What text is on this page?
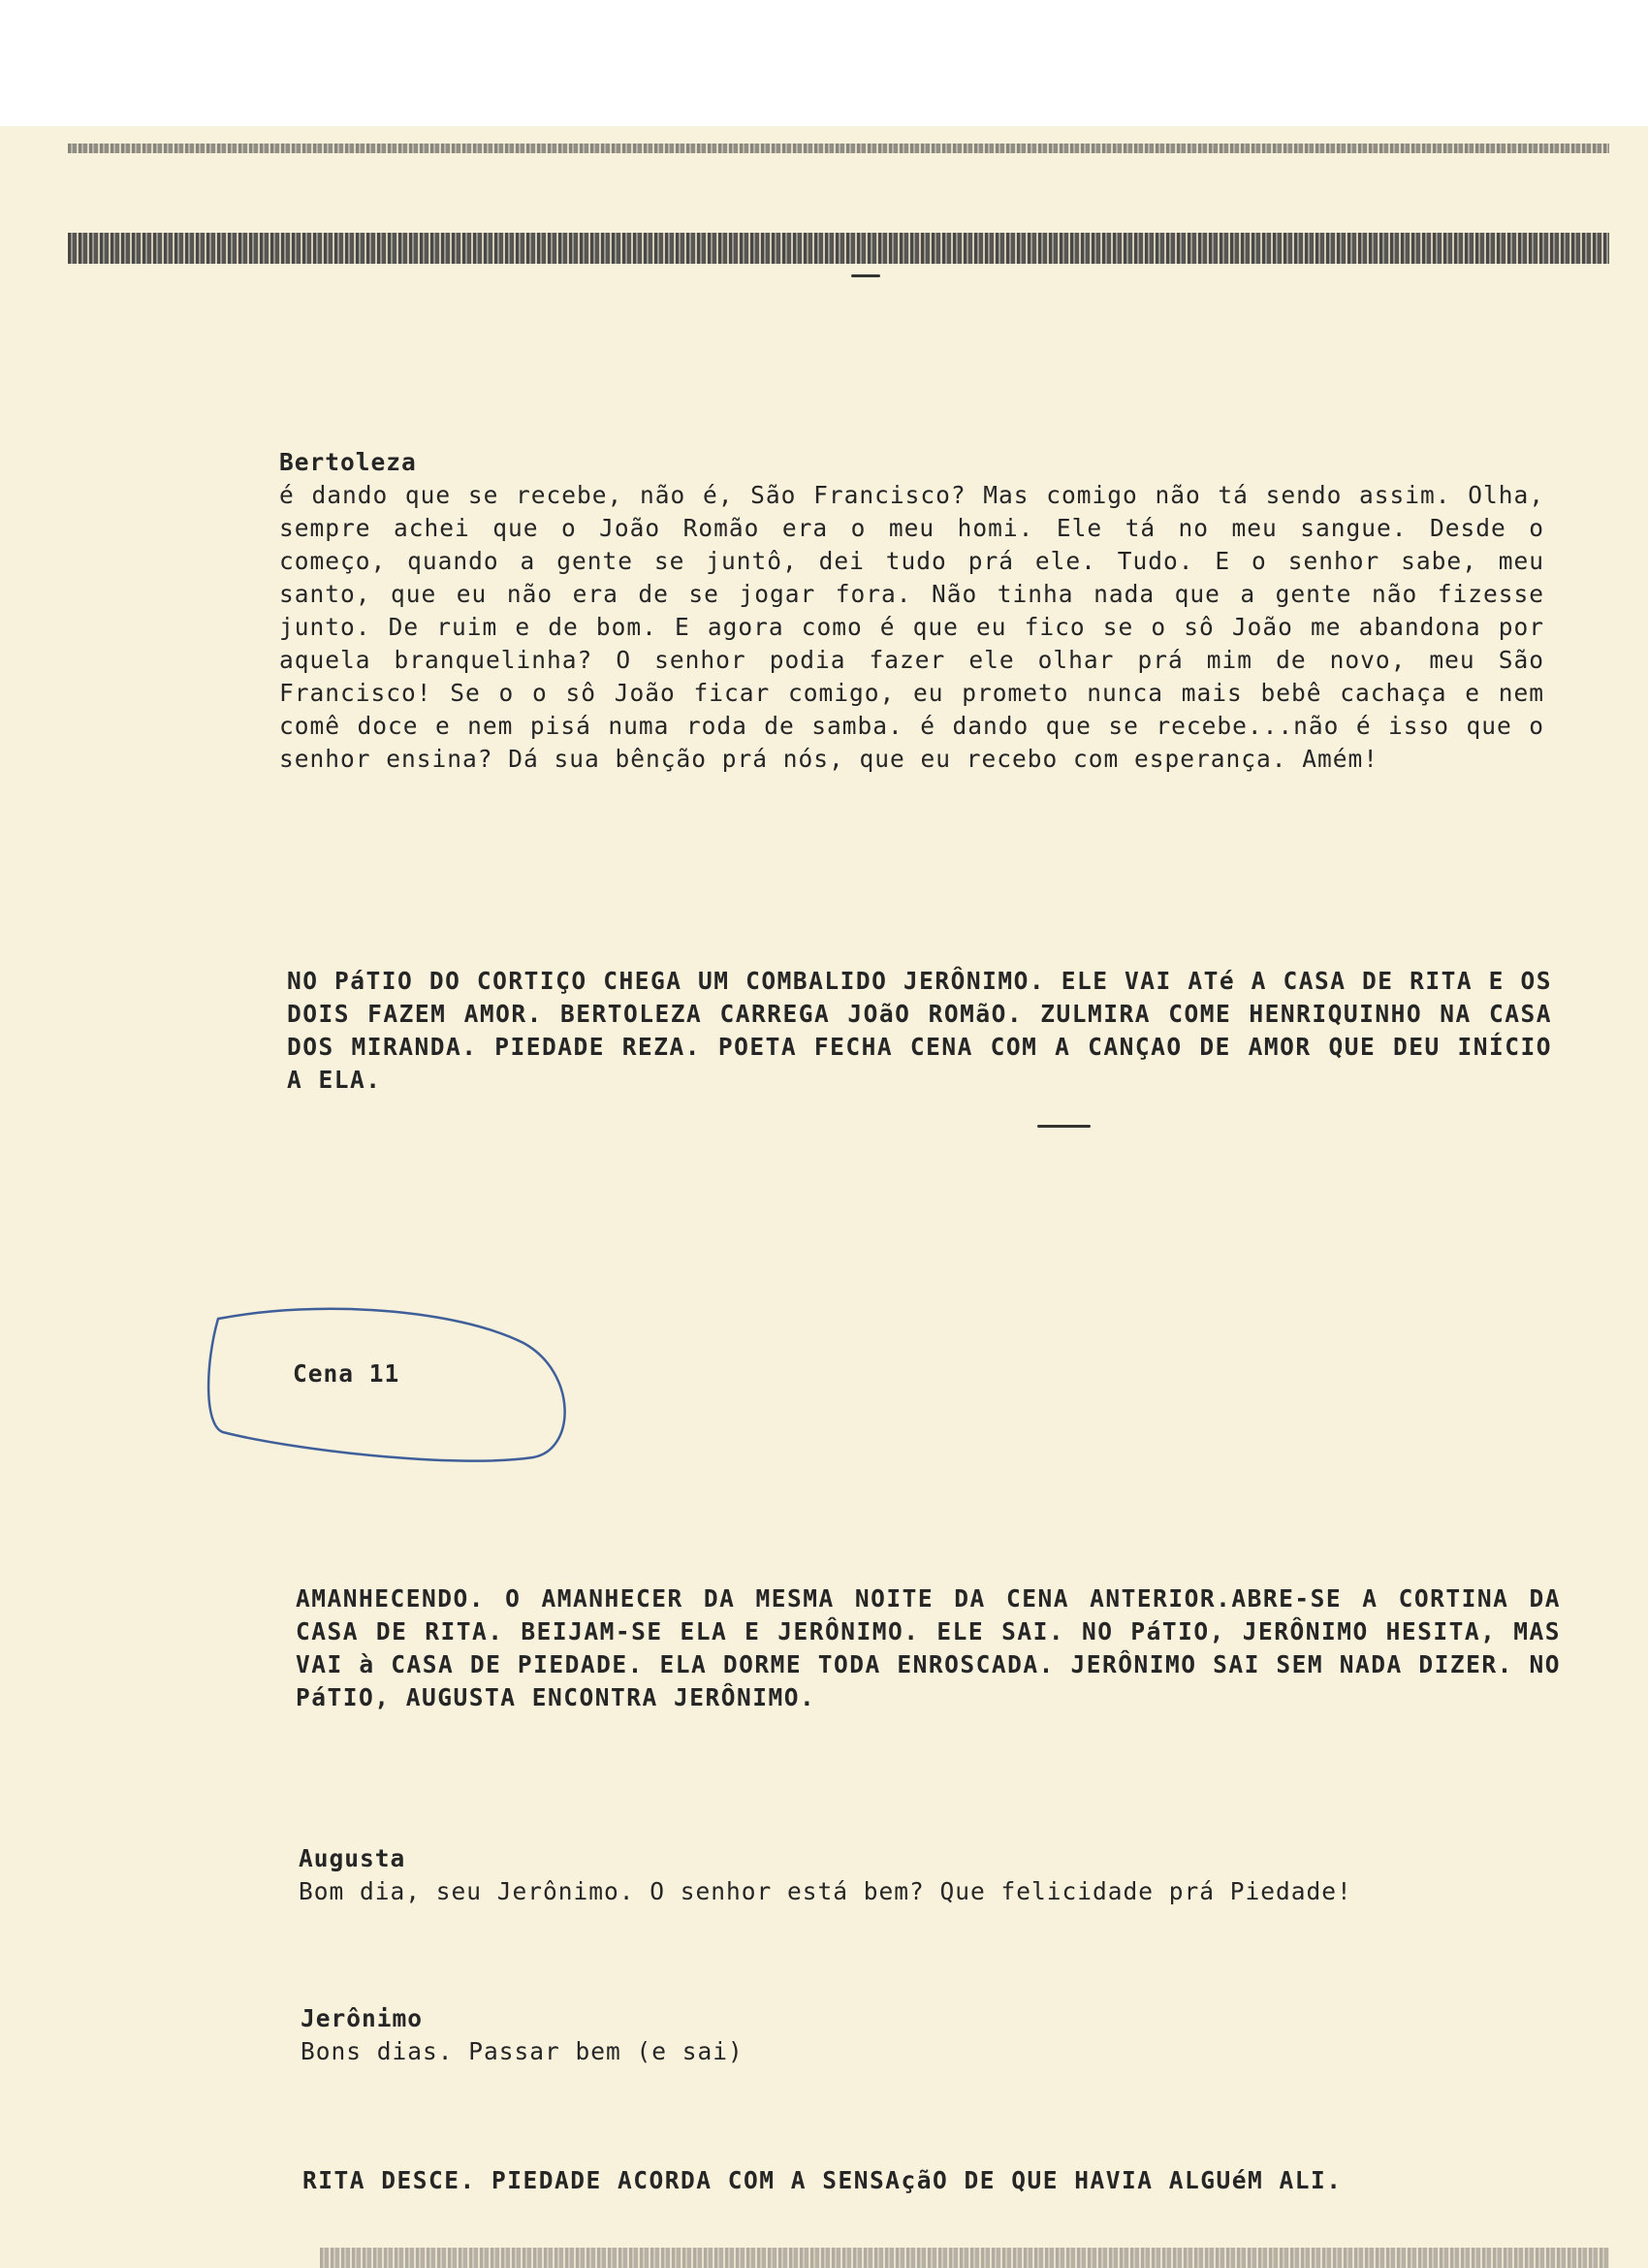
Bertoleza
é dando que se recebe, não é, São Francisco? Mas comigo não tá sendo assim. Olha, sempre achei que o João Romão era o meu homi. Ele tá no meu sangue. Desde o começo, quando a gente se juntô, dei tudo prá ele. Tudo. E o senhor sabe, meu santo, que eu não era de se jogar fora. Não tinha nada que a gente não fizesse junto. De ruim e de bom. E agora como é que eu fico se o sô João me abandona por aquela branquelinha? O senhor podia fazer ele olhar prá mim de novo, meu São Francisco! Se o o sô João ficar comigo, eu prometo nunca mais bebê cachaça e nem comê doce e nem pisá numa roda de samba. é dando que se recebe...não é isso que o senhor ensina? Dá sua bênção prá nós, que eu recebo com esperança. Amém!
NO PáTIO DO CORTIÇO CHEGA UM COMBALIDO JERÔNIMO. ELE VAI ATé A CASA DE RITA E OS DOIS FAZEM AMOR. BERTOLEZA CARREGA JOãO ROMãO. ZULMIRA COME HENRIQUINHO NA CASA DOS MIRANDA. PIEDADE REZA. POETA FECHA CENA COM A CANÇAO DE AMOR QUE DEU INÍCIO A ELA.
Cena 11
AMANHECENDO. O AMANHECER DA MESMA NOITE DA CENA ANTERIOR.ABRE-SE A CORTINA DA CASA DE RITA. BEIJAM-SE ELA E JERÔNIMO. ELE SAI. NO PáTIO, JERÔNIMO HESITA, MAS VAI à CASA DE PIEDADE. ELA DORME TODA ENROSCADA. JERÔNIMO SAI SEM NADA DIZER. NO PáTIO, AUGUSTA ENCONTRA JERÔNIMO.
Augusta
Bom dia, seu Jerônimo. O senhor está bem? Que felicidade prá Piedade!
Jerônimo
Bons dias. Passar bem (e sai)
RITA DESCE. PIEDADE ACORDA COM A SENSAçãO DE QUE HAVIA ALGUéM ALI.
